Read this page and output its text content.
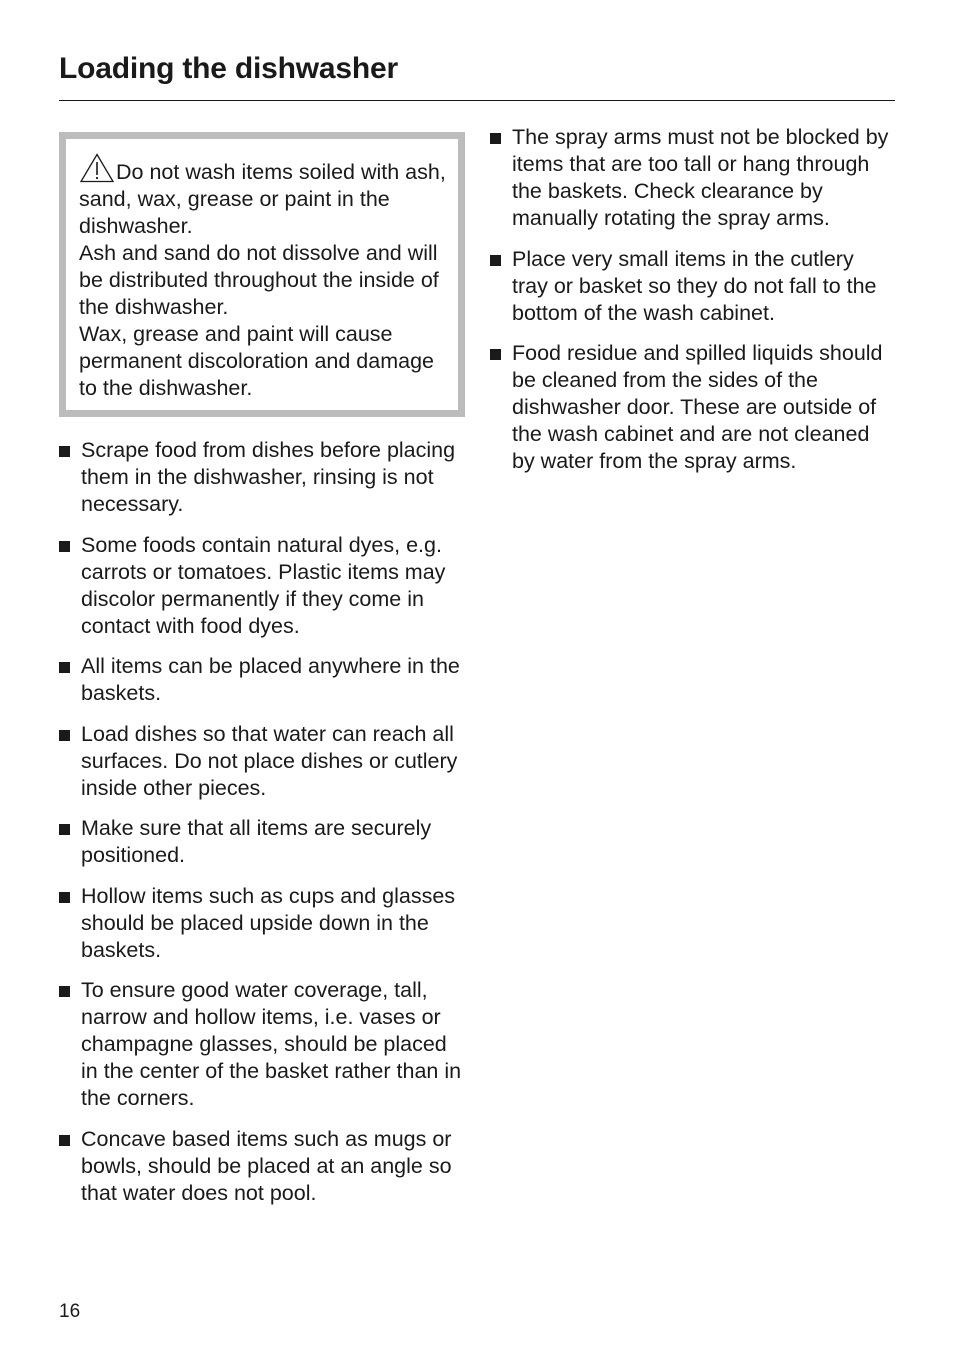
Loading the dishwasher

Do not wash items soiled with ash, sand, wax, grease or paint in the dishwasher.

Ash and sand do not dissolve and will be distributed throughout the inside of the dishwasher.

Wax, grease and paint will cause permanent discoloration and damage to the dishwasher.

Scrape food from dishes before placing them in the dishwasher, rinsing is not necessary.
Some foods contain natural dyes, e.g. carrots or tomatoes. Plastic items may discolor permanently if they come in contact with food dyes.
All items can be placed anywhere in the baskets.
Load dishes so that water can reach all surfaces. Do not place dishes or cutlery inside other pieces.
Make sure that all items are securely positioned.
Hollow items such as cups and glasses should be placed upside down in the baskets.
To ensure good water coverage, tall, narrow and hollow items, i.e. vases or champagne glasses, should be placed in the center of the basket rather than in the corners.
Concave based items such as mugs or bowls, should be placed at an angle so that water does not pool.
The spray arms must not be blocked by items that are too tall or hang through the baskets. Check clearance by manually rotating the spray arms.
Place very small items in the cutlery tray or basket so they do not fall to the bottom of the wash cabinet.
Food residue and spilled liquids should be cleaned from the sides of the dishwasher door. These are outside of the wash cabinet and are not cleaned by water from the spray arms.
16
